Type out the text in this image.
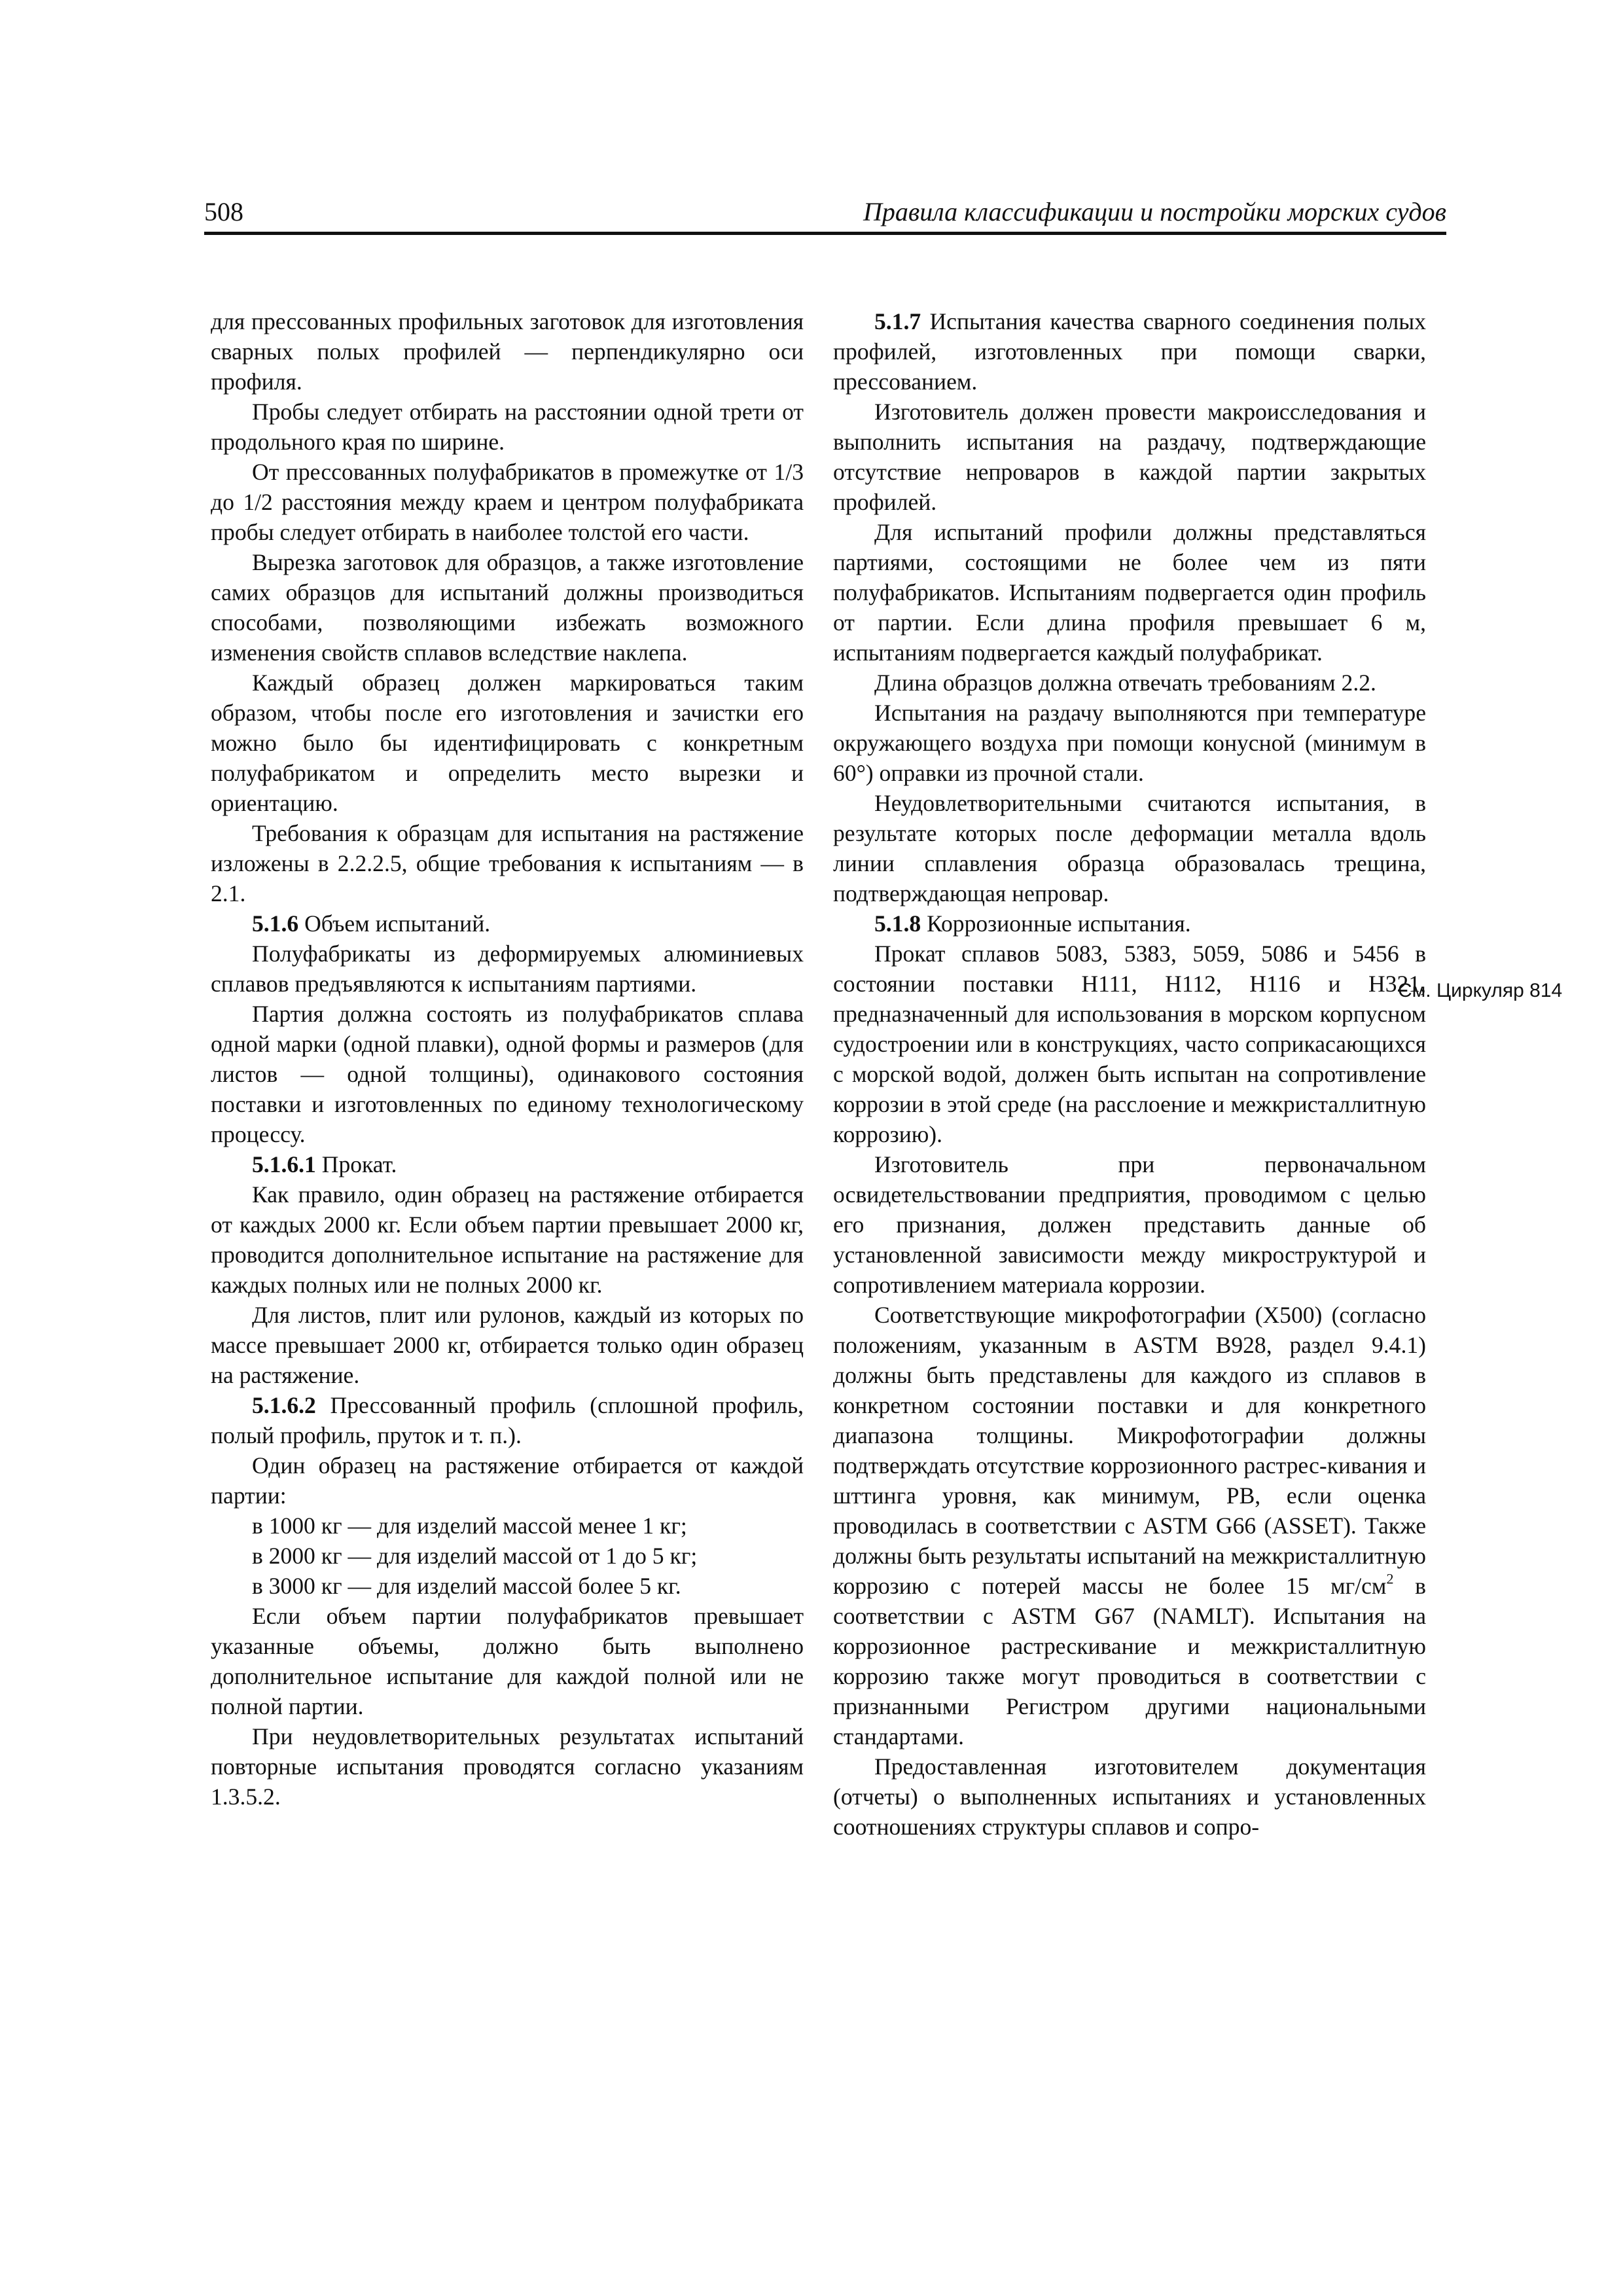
508	Правила классификации и постройки морских судов

для прессованных профильных заготовок для изготовления сварных полых профилей — перпендикулярно оси профиля.

Пробы следует отбирать на расстоянии одной трети от продольного края по ширине.

От прессованных полуфабрикатов в промежутке от 1/3 до 1/2 расстояния между краем и центром полуфабриката пробы следует отбирать в наиболее толстой его части.

Вырезка заготовок для образцов, а также изготовление самих образцов для испытаний должны производиться способами, позволяющими избежать возможного изменения свойств сплавов вследствие наклепа.

Каждый образец должен маркироваться таким образом, чтобы после его изготовления и зачистки его можно было бы идентифицировать с конкретным полуфабрикатом и определить место вырезки и ориентацию.

Требования к образцам для испытания на растяжение изложены в 2.2.2.5, общие требования к испытаниям — в 2.1.

5.1.6 Объем испытаний.

Полуфабрикаты из деформируемых алюминиевых сплавов предъявляются к испытаниям партиями.

Партия должна состоять из полуфабрикатов сплава одной марки (одной плавки), одной формы и размеров (для листов — одной толщины), одинакового состояния поставки и изготовленных по единому технологическому процессу.

5.1.6.1 Прокат.

Как правило, один образец на растяжение отбирается от каждых 2000 кг. Если объем партии превышает 2000 кг, проводится дополнительное испытание на растяжение для каждых полных или не полных 2000 кг.

Для листов, плит или рулонов, каждый из которых по массе превышает 2000 кг, отбирается только один образец на растяжение.

5.1.6.2 Прессованный профиль (сплошной профиль, полый профиль, пруток и т. п.).

Один образец на растяжение отбирается от каждой партии:

в 1000 кг — для изделий массой менее 1 кг;

в 2000 кг — для изделий массой от 1 до 5 кг;

в 3000 кг — для изделий массой более 5 кг.

Если объем партии полуфабрикатов превышает указанные объемы, должно быть выполнено дополнительное испытание для каждой полной или не полной партии.

При неудовлетворительных результатах испытаний повторные испытания проводятся согласно указаниям 1.3.5.2.

5.1.7 Испытания качества сварного соединения полых профилей, изготовленных при помощи сварки, прессованием.

Изготовитель должен провести макроисследования и выполнить испытания на раздачу, подтверждающие отсутствие непроваров в каждой партии закрытых профилей.

Для испытаний профили должны представляться партиями, состоящими не более чем из пяти полуфабрикатов. Испытаниям подвергается один профиль от партии. Если длина профиля превышает 6 м, испытаниям подвергается каждый полуфабрикат.

Длина образцов должна отвечать требованиям 2.2.

Испытания на раздачу выполняются при температуре окружающего воздуха при помощи конусной (минимум в 60°) оправки из прочной стали.

Неудовлетворительными считаются испытания, в результате которых после деформации металла вдоль линии сплавления образца образовалась трещина, подтверждающая непровар.

5.1.8 Коррозионные испытания.

Прокат сплавов 5083, 5383, 5059, 5086 и 5456 в состоянии поставки H111, H112, H116 и H321, предназначенный для использования в морском корпусном судостроении или в конструкциях, часто соприкасающихся с морской водой, должен быть испытан на сопротивление коррозии в этой среде (на расслоение и межкристаллитную коррозию).

Изготовитель при первоначальном освидетельствовании предприятия, проводимом с целью его признания, должен представить данные об установленной зависимости между микроструктурой и сопротивлением материала коррозии.

Соответствующие микрофотографии (X500) (согласно положениям, указанным в ASTM B928, раздел 9.4.1) должны быть представлены для каждого из сплавов в конкретном состоянии поставки и для конкретного диапазона толщины. Микрофотографии должны подтверждать отсутствие коррозионного растрес-кивания и шттинга уровня, как минимум, PB, если оценка проводилась в соответствии с ASTM G66 (ASSET). Также должны быть результаты испытаний на межкристаллитную коррозию с потерей массы не более 15 $мг/см^2$ в соответствии с ASTM G67 (NAMLT). Испытания на коррозионное растрескивание и межкристаллитную коррозию также могут проводиться в соответствии с признанными Регистром другими национальными стандартами.

Предоставленная изготовителем документация (отчеты) о выполненных испытаниях и установленных соотношениях структуры сплавов и сопро-

См. Циркуляр 814
